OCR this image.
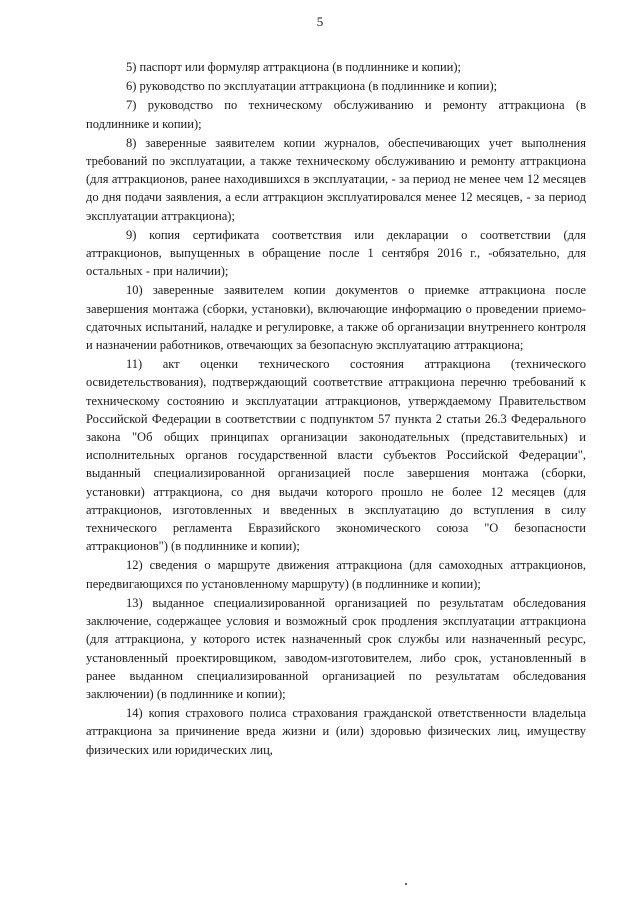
5

5) паспорт или формуляр аттракциона (в подлиннике и копии);

6) руководство по эксплуатации аттракциона (в подлиннике и копии);

7) руководство по техническому обслуживанию и ремонту аттракциона (в подлиннике и копии);

8) заверенные заявителем копии журналов, обеспечивающих учет выполнения требований по эксплуатации, а также техническому обслуживанию и ремонту аттракциона (для аттракционов, ранее находившихся в эксплуатации, - за период не менее чем 12 месяцев до дня подачи заявления, а если аттракцион эксплуатировался менее 12 месяцев, - за период эксплуатации аттракциона);

9) копия сертификата соответствия или декларации о соответствии (для аттракционов, выпущенных в обращение после 1 сентября 2016 г., -обязательно, для остальных - при наличии);

10) заверенные заявителем копии документов о приемке аттракциона после завершения монтажа (сборки, установки), включающие информацию о проведении приемо-сдаточных испытаний, наладке и регулировке, а также об организации внутреннего контроля и назначении работников, отвечающих за безопасную эксплуатацию аттракциона;

11) акт оценки технического состояния аттракциона (технического освидетельствования), подтверждающий соответствие аттракциона перечню требований к техническому состоянию и эксплуатации аттракционов, утверждаемому Правительством Российской Федерации в соответствии с подпунктом 57 пункта 2 статьи 26.3 Федерального закона "Об общих принципах организации законодательных (представительных) и исполнительных органов государственной власти субъектов Российской Федерации", выданный специализированной организацией после завершения монтажа (сборки, установки) аттракциона, со дня выдачи которого прошло не более 12 месяцев (для аттракционов, изготовленных и введенных в эксплуатацию до вступления в силу технического регламента Евразийского экономического союза "О безопасности аттракционов") (в подлиннике и копии);

12) сведения о маршруте движения аттракциона (для самоходных аттракционов, передвигающихся по установленному маршруту) (в подлиннике и копии);

13) выданное специализированной организацией по результатам обследования заключение, содержащее условия и возможный срок продления эксплуатации аттракциона (для аттракциона, у которого истек назначенный срок службы или назначенный ресурс, установленный проектировщиком, заводом-изготовителем, либо срок, установленный в ранее выданном специализированной организацией по результатам обследования заключении) (в подлиннике и копии);

14) копия страхового полиса страхования гражданской ответственности владельца аттракциона за причинение вреда жизни и (или) здоровью физических лиц, имуществу физических или юридических лиц,
